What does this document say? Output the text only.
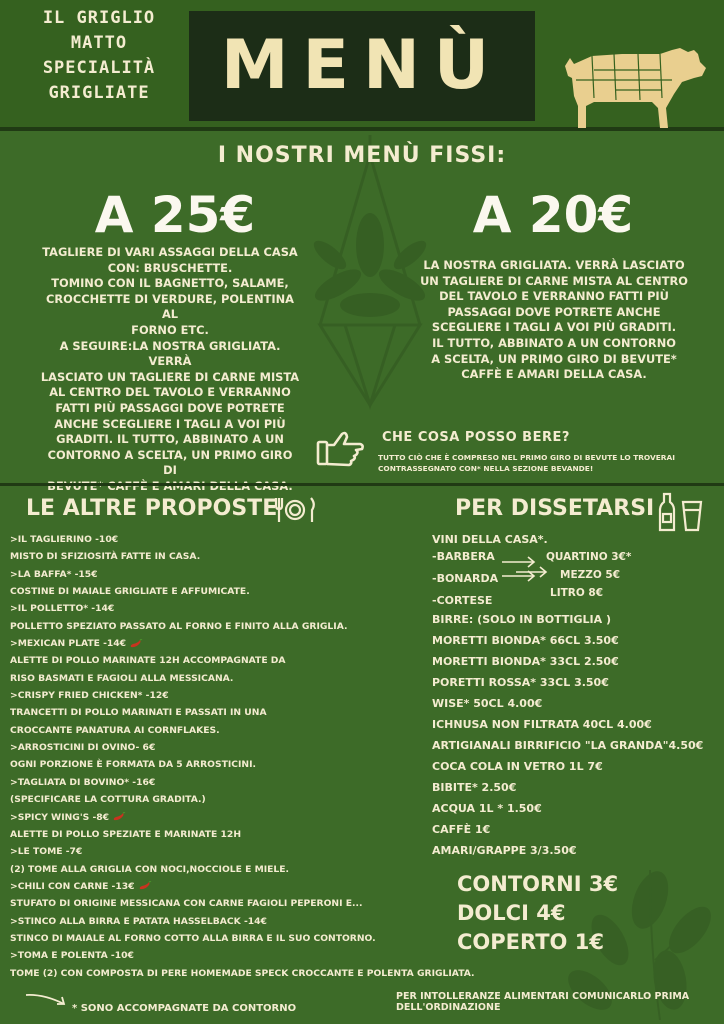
IL GRIGLIO
MATTO
SPECIALITÀ
GRIGLIATE	MENÙ
I NOSTRI MENÙ FISSI:
A 25€	A 20€
TAGLIERE DI VARI ASSAGGI DELLA CASA
CON: BRUSCHETTE.
TOMINO CON IL BAGNETTO, SALAME,
CROCCHETTE DI VERDURE, POLENTINA AL
FORNO ETC.
A SEGUIRE:LA NOSTRA GRIGLIATA. VERRÀ
LASCIATO UN TAGLIERE DI CARNE MISTA
AL CENTRO DEL TAVOLO E VERRANNO
FATTI PIÙ PASSAGGI DOVE POTRETE
ANCHE SCEGLIERE I TAGLI A VOI PIÙ
GRADITI. IL TUTTO, ABBINATO A UN
CONTORNO A SCELTA, UN PRIMO GIRO DI
LA NOSTRA GRIGLIATA. VERRÀ LASCIATO
UN TAGLIERE DI CARNE MISTA AL CENTRO
DEL TAVOLO E VERRANNO FATTI PIÙ
PASSAGGI DOVE POTRETE ANCHE
SCEGLIERE I TAGLI A VOI PIÙ GRADITI.
IL TUTTO, ABBINATO A UN CONTORNO
A SCELTA, UN PRIMO GIRO DI BEVUTE*
CAFFÈ E AMARI DELLA CASA.
CHE COSA POSSO BERE?
TUTTO CIÒ CHE È COMPRESO NEL PRIMO GIRO DI BEVUTE LO TROVERAI
CONTRASSEGNATO CON* NELLA SEZIONE BEVANDE!
LE ALTRE PROPOSTE	PER DISSETARSI
>IL TAGLIERINO -10€
MISTO DI SFIZIOSITÀ FATTE IN CASA.
>LA BAFFA* -15€
COSTINE DI MAIALE GRIGLIATE E AFFUMICATE.
>IL POLLETTO* -14€
POLLETTO SPEZIATO PASSATO AL FORNO E FINITO ALLA GRIGLIA.
>MEXICAN PLATE -14€
ALETTE DI POLLO MARINATE 12H ACCOMPAGNATE DA
RISO BASMATI E FAGIOLI ALLA MESSICANA.
>CRISPY FRIED CHICKEN* -12€
TRANCETTI DI POLLO MARINATI E PASSATI IN UNA
CROCCANTE PANATURA AI CORNFLAKES.
>ARROSTICINI DI OVINO- 6€
OGNI PORZIONE È FORMATA DA 5 ARROSTICINI.
>TAGLIATA DI BOVINO* -16€
(SPECIFICARE LA COTTURA GRADITA.)
>SPICY WING'S -8€
ALETTE DI POLLO SPEZIATE E MARINATE 12H
>LE TOME -7€
(2) TOME ALLA GRIGLIA CON NOCI,NOCCIOLE E MIELE.
>CHILI CON CARNE -13€
STUFATO DI ORIGINE MESSICANA CON CARNE FAGIOLI PEPERONI E...
>STINCO ALLA BIRRA E PATATA HASSELBACK -14€
STINCO DI MAIALE AL FORNO COTTO ALLA BIRRA E IL SUO CONTORNO.
>TOMA E POLENTA -10€
TOME (2) CON COMPOSTA DI PERE HOMEMADE SPECK CROCCANTE E POLENTA GRIGLIATA.
VINI DELLA CASA*.
-BARBERA
-BONARDA
-CORTESE
QUARTINO 3€*
MEZZO 5€
LITRO 8€
BIRRE: (SOLO IN BOTTIGLIA )
MORETTI BIONDA* 66CL 3.50€
MORETTI BIONDA* 33CL 2.50€
PORETTI ROSSA* 33CL 3.50€
WISE* 50CL 4.00€
ICHNUSA NON FILTRATA 40CL 4.00€
ARTIGIANALI BIRRIFICIO "LA GRANDA"4.50€
COCA COLA IN VETRO 1L 7€
BIBITE* 2.50€
ACQUA 1L * 1.50€
CAFFÈ 1€
AMARI/GRAPPE 3/3.50€
CONTORNI 3€
DOLCI 4€
COPERTO 1€
* SONO ACCOMPAGNATE DA CONTORNO
PER INTOLLERANZE ALIMENTARI COMUNICARLO PRIMA
DELL'ORDINAZIONE
